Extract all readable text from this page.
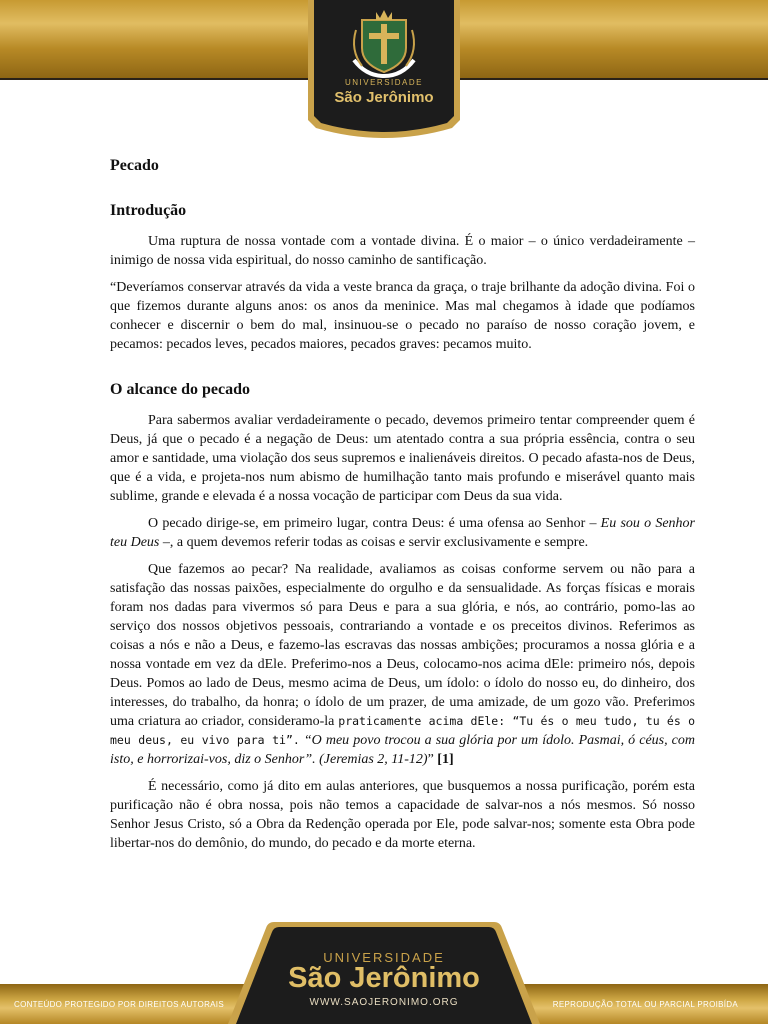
UNIVERSIDADE
São Jerônimo
Pecado
Introdução

Uma ruptura de nossa vontade com a vontade divina. É o maior – o único verdadeiramente – inimigo de nossa vida espiritual, do nosso caminho de santificação.

“Deveríamos conservar através da vida a veste branca da graça, o traje brilhante da adoção divina. Foi o que fizemos durante alguns anos: os anos da meninice. Mas mal chegamos à idade que podíamos conhecer e discernir o bem do mal, insinuou-se o pecado no paraíso de nosso coração jovem, e pecamos: pecados leves, pecados maiores, pecados graves: pecamos muito.

O alcance do pecado

Para sabermos avaliar verdadeiramente o pecado, devemos primeiro tentar compreender quem é Deus, já que o pecado é a negação de Deus: um atentado contra a sua própria essência, contra o seu amor e santidade, uma violação dos seus supremos e inalienáveis direitos. O pecado afasta-nos de Deus, que é a vida, e projeta-nos num abismo de humilhação tanto mais profundo e miserável quanto mais sublime, grande e elevada é a nossa vocação de participar com Deus da sua vida.

O pecado dirige-se, em primeiro lugar, contra Deus: é uma ofensa ao Senhor – Eu sou o Senhor teu Deus –, a quem devemos referir todas as coisas e servir exclusivamente e sempre.

Que fazemos ao pecar? Na realidade, avaliamos as coisas conforme servem ou não para a satisfação das nossas paixões, especialmente do orgulho e da sensualidade. As forças físicas e morais foram nos dadas para vivermos só para Deus e para a sua glória, e nós, ao contrário, pomo-las ao serviço dos nossos objetivos pessoais, contrariando a vontade e os preceitos divinos. Referimos as coisas a nós e não a Deus, e fazemo-las escravas das nossas ambições; procuramos a nossa glória e a nossa vontade em vez da dEle. Preferimo-nos a Deus, colocamo-nos acima dEle: primeiro nós, depois Deus. Pomos ao lado de Deus, mesmo acima de Deus, um ídolo: o ídolo do nosso eu, do dinheiro, dos interesses, do trabalho, da honra; o ídolo de um prazer, de uma amizade, de um gozo vão. Preferimos uma criatura ao criador, consideramo-la praticamente acima dEle: “Tu és o meu tudo, tu és o meu deus, eu vivo para ti”. “O meu povo trocou a sua glória por um ídolo. Pasmai, ó céus, com isto, e horrorizai-vos, diz o Senhor”. (Jeremias 2, 11-12)” [1]

É necessário, como já dito em aulas anteriores, que busquemos a nossa purificação, porém esta purificação não é obra nossa, pois não temos a capacidade de salvar-nos a nós mesmos. Só nosso Senhor Jesus Cristo, só a Obra da Redenção operada por Ele, pode salvar-nos; somente esta Obra pode libertar-nos do demônio, do mundo, do pecado e da morte eterna.

UNIVERSIDADE
São Jerônimo
WWW.SAOJERONIMO.ORG
CONTEÚDO PROTEGIDO POR DIREITOS AUTORAIS	REPRODUÇÃO TOTAL OU PARCIAL PROIBÍDA
